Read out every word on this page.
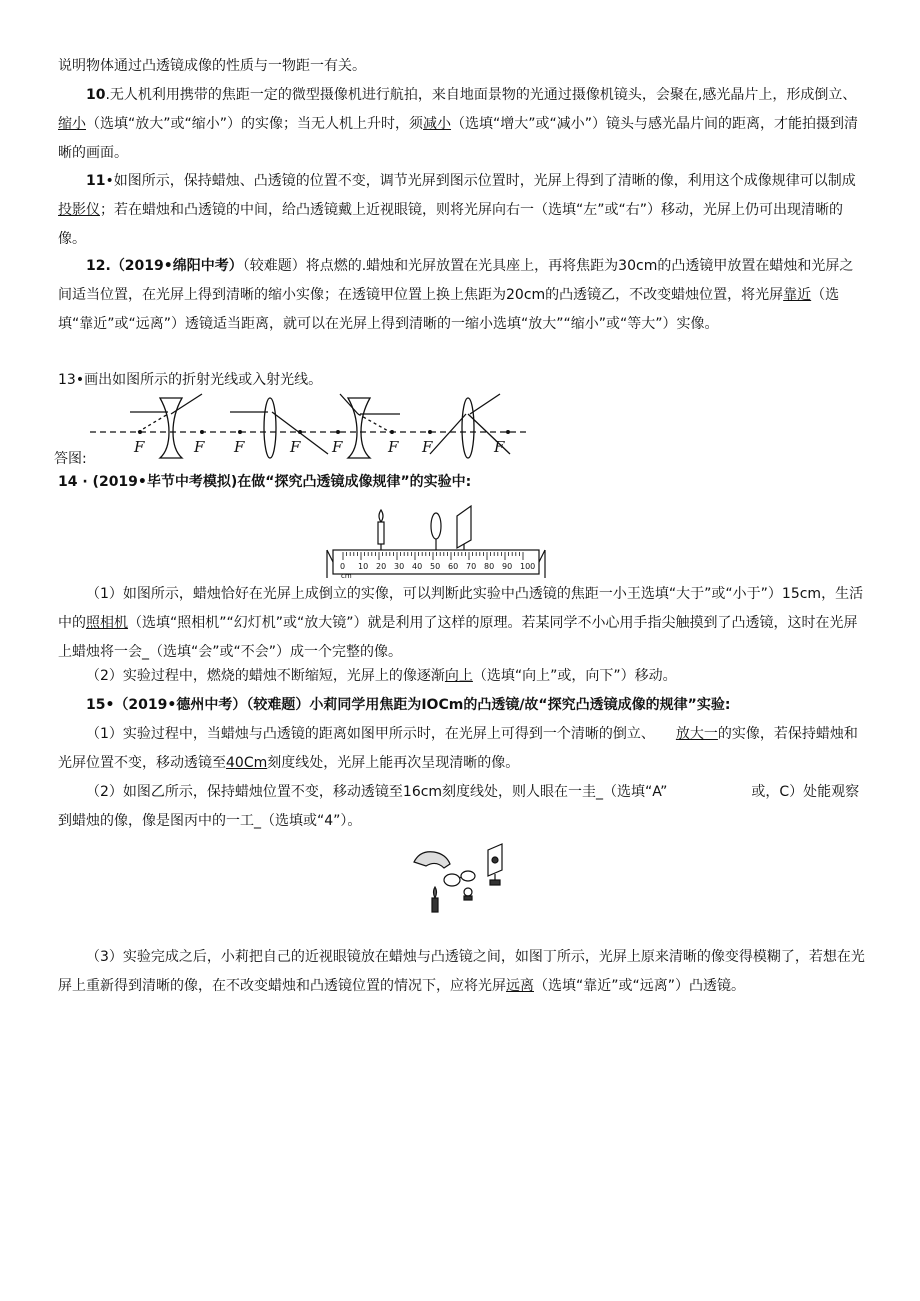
说明物体通过凸透镜成像的性质与一物距一有关。

10.无人机利用携带的焦距一定的微型摄像机进行航拍，来自地面景物的光通过摄像机镜头，会聚在,感光晶片上，形成倒立、缩小（选填“放大”或“缩小”）的实像；当无人机上升时，须减小（选填“增大”或“减小”）镜头与感光晶片间的距离，才能拍摄到清晰的画面。

11•如图所示，保持蜡烛、凸透镜的位置不变，调节光屏到图示位置时，光屏上得到了清晰的像，利用这个成像规律可以制成投影仪；若在蜡烛和凸透镜的中间，给凸透镜戴上近视眼镜，则将光屏向右一（选填“左”或“右”）移动，光屏上仍可出现清晰的像。

12.（2019•绵阳中考）（较难题）将点燃的.蜡烛和光屏放置在光具座上，再将焦距为30cm的凸透镜甲放置在蜡烛和光屏之间适当位置，在光屏上得到清晰的缩小实像；在透镜甲位置上换上焦距为20cm的凸透镜乙，不改变蜡烛位置，将光屏靠近（选填“靠近”或“远离”）透镜适当距离，就可以在光屏上得到清晰的一缩小选填“放大”“缩小”或“等大”）实像。

13•画出如图所示的折射光线或入射光线。

F	F F	F F	F F	F
答图:

14 · (2019•毕节中考模拟)在做“探究凸透镜成像规律”的实验中:

0 10 20 30 40 50 60 70 80 90 100
cm

（1）如图所示，蜡烛恰好在光屏上成倒立的实像，可以判断此实验中凸透镜的焦距一小王选填“大于”或“小于”）15cm，生活中的照相机（选填“照相机”“幻灯机”或“放大镜”）就是利用了这样的原理。若某同学不小心用手指尖触摸到了凸透镜，这时在光屏上蜡烛将一会_（选填“会”或“不会”）成一个完整的像。

（2）实验过程中，燃烧的蜡烛不断缩短，光屏上的像逐渐向上（选填“向上”或，向下”）移动。

15•（2019•德州中考）（较难题）小莉同学用焦距为IOCm的凸透镜/故“探究凸透镜成像的规律”实验:

（1）实验过程中，当蜡烛与凸透镜的距离如图甲所示时，在光屏上可得到一个清晰的倒立、　　放大一的实像，若保持蜡烛和光屏位置不变，移动透镜至40Cm刻度线处，光屏上能再次呈现清晰的像。

（2）如图乙所示，保持蜡烛位置不变，移动透镜至16cm刻度线处，则人眼在一圭_（选填“A”　　　　　　或，C）处能观察到蜡烛的像，像是图丙中的一工_（选填或“4”）。

（3）实验完成之后，小莉把自己的近视眼镜放在蜡烛与凸透镜之间，如图丁所示，光屏上原来清晰的像变得模糊了，若想在光屏上重新得到清晰的像，在不改变蜡烛和凸透镜位置的情况下，应将光屏远离（选填“靠近”或“远离”）凸透镜。
